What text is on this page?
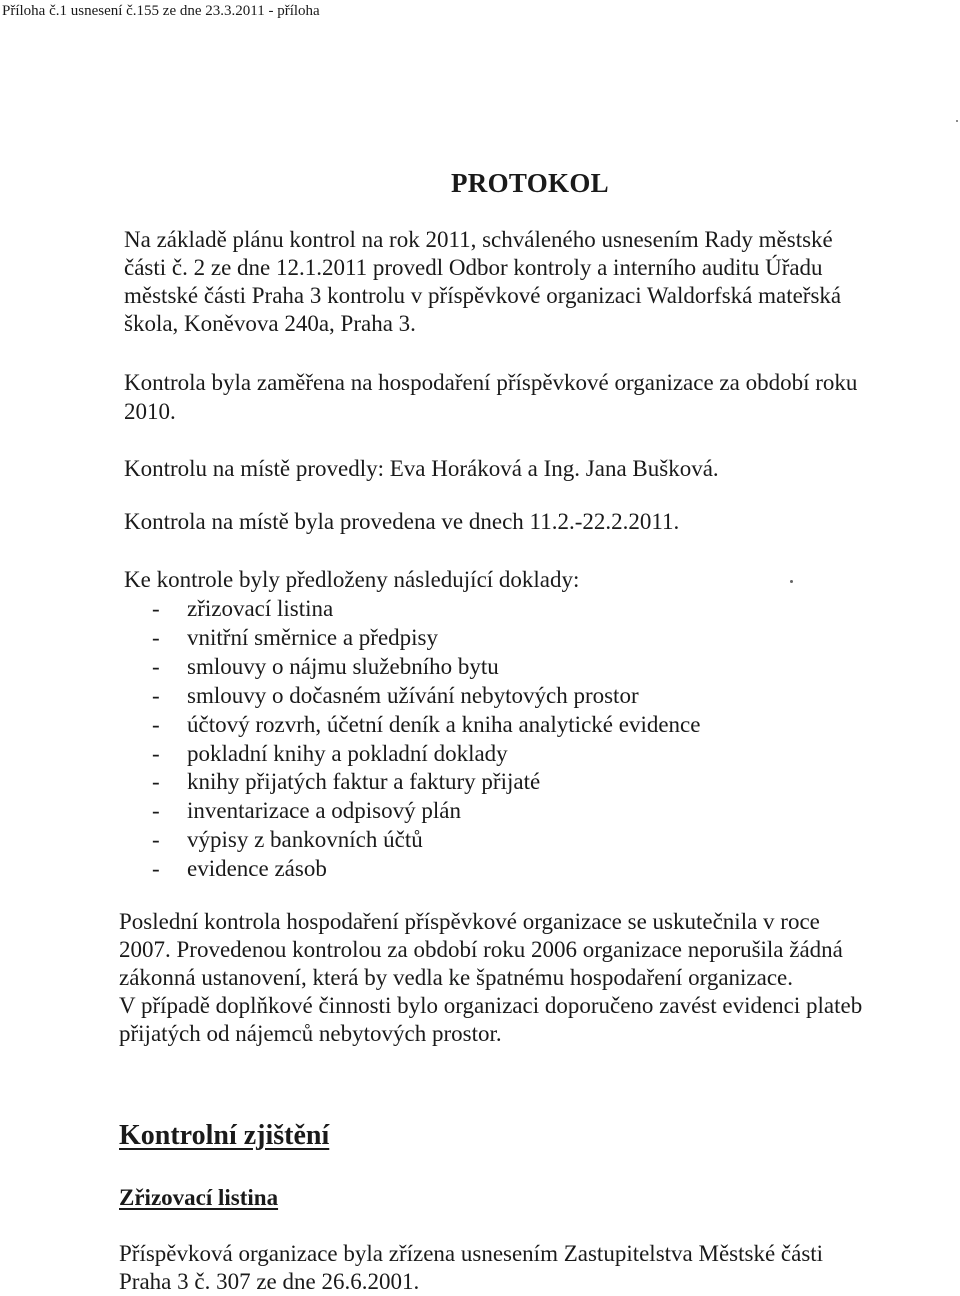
Příloha č.1 usnesení č.155 ze dne 23.3.2011 - příloha
PROTOKOL
Na základě plánu kontrol na rok 2011, schváleného usnesením Rady městské
části č. 2 ze dne 12.1.2011 provedl Odbor kontroly a interního auditu Úřadu
městské části Praha 3 kontrolu v příspěvkové organizaci Waldorfská mateřská
škola, Koněvova 240a, Praha 3.
Kontrola byla zaměřena na hospodaření příspěvkové organizace za období roku
2010.
Kontrolu na místě provedly: Eva Horáková a Ing. Jana Bušková.
Kontrola na místě byla provedena ve dnech 11.2.-22.2.2011.
Ke kontrole byly předloženy následující doklady:
- zřizovací listina
- vnitřní směrnice a předpisy
- smlouvy o nájmu služebního bytu
- smlouvy o dočasném užívání nebytových prostor
- účtový rozvrh, účetní deník a kniha analytické evidence
- pokladní knihy a pokladní doklady
- knihy přijatých faktur a faktury přijaté
- inventarizace a odpisový plán
- výpisy z bankovních účtů
- evidence zásob
Poslední kontrola hospodaření příspěvkové organizace se uskutečnila v roce
2007. Provedenou kontrolou za období roku 2006 organizace neporušila žádná
zákonná ustanovení, která by vedla ke špatnému hospodaření organizace.
V případě doplňkové činnosti bylo organizaci doporučeno zavést evidenci plateb
přijatých od nájemců nebytových prostor.
Kontrolní zjištění
Zřizovací listina
Příspěvková organizace byla zřízena usnesením Zastupitelstva Městské části
Praha 3 č. 307 ze dne 26.6.2001.
